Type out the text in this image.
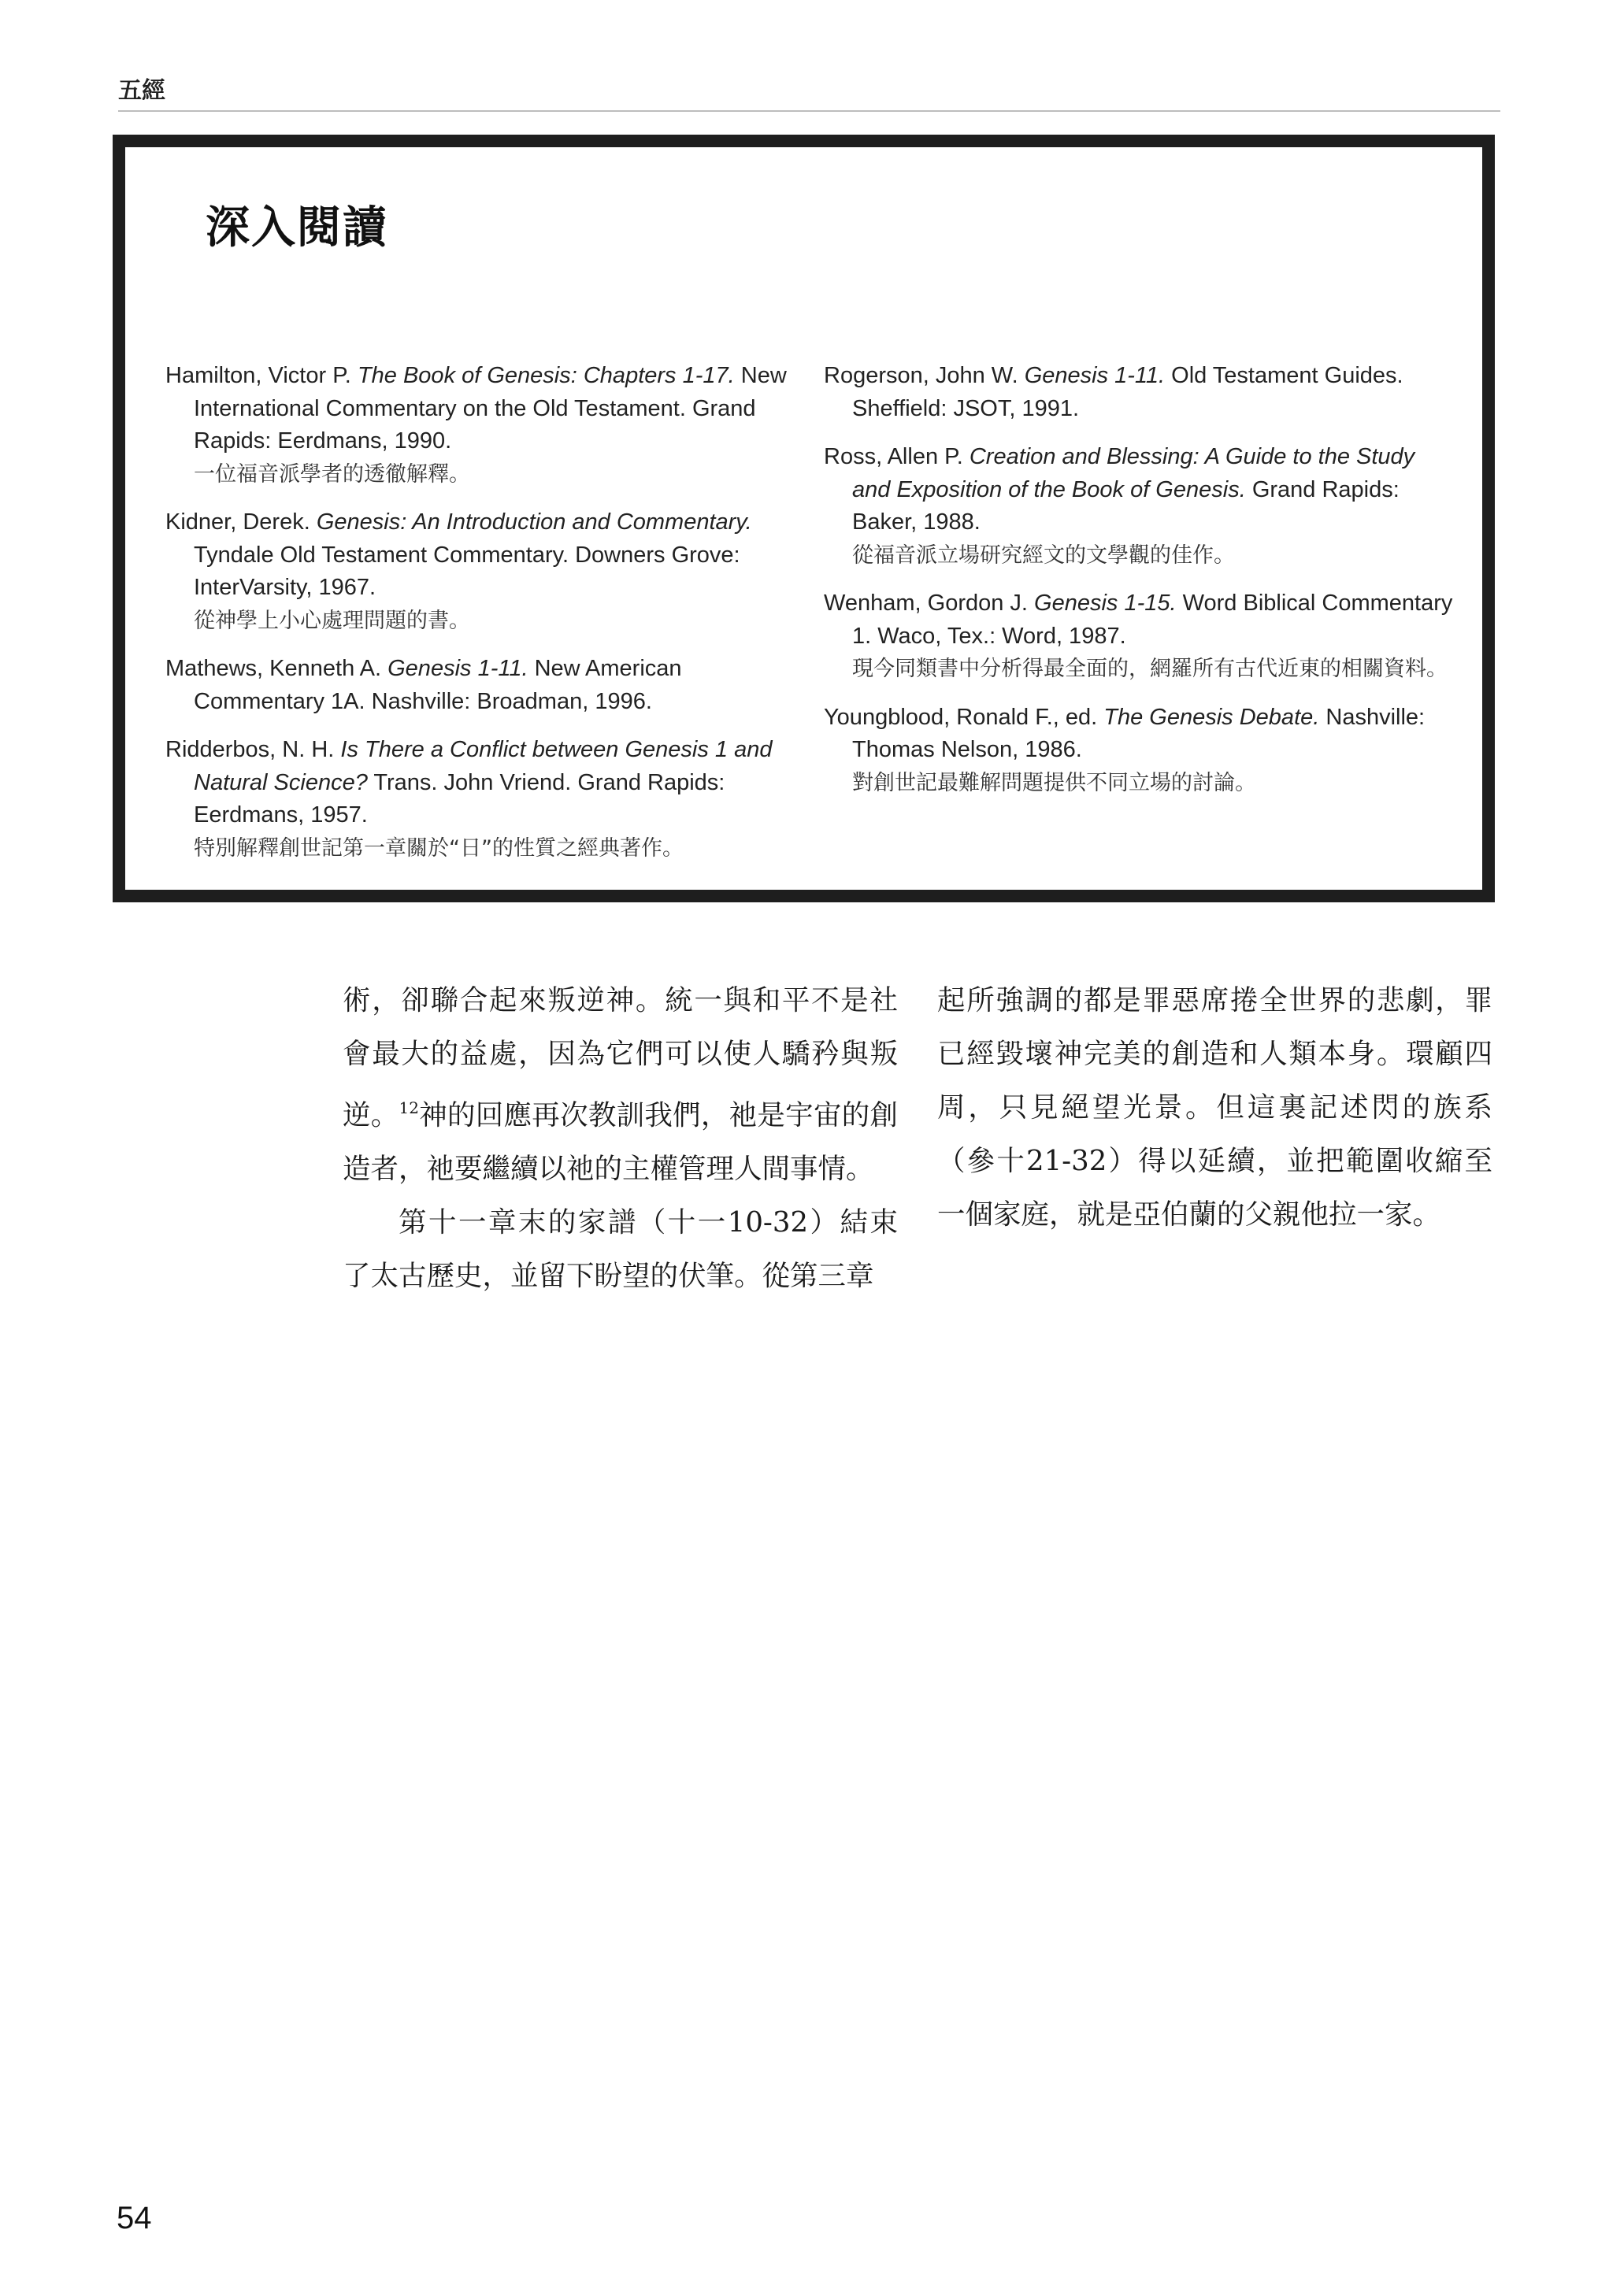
五經
深入閱讀
Hamilton, Victor P. The Book of Genesis: Chapters 1-17. New International Commentary on the Old Testament. Grand Rapids: Eerdmans, 1990.
一位福音派學者的透徹解釋。
Kidner, Derek. Genesis: An Introduction and Commentary. Tyndale Old Testament Commentary. Downers Grove: InterVarsity, 1967.
從神學上小心處理問題的書。
Mathews, Kenneth A. Genesis 1-11. New American Commentary 1A. Nashville: Broadman, 1996.
Ridderbos, N. H. Is There a Conflict between Genesis 1 and Natural Science? Trans. John Vriend. Grand Rapids: Eerdmans, 1957.
特別解釋創世記第一章關於“日”的性質之經典著作。
Rogerson, John W. Genesis 1-11. Old Testament Guides. Sheffield: JSOT, 1991.
Ross, Allen P. Creation and Blessing: A Guide to the Study and Exposition of the Book of Genesis. Grand Rapids: Baker, 1988.
從福音派立場研究經文的文學觀的佳作。
Wenham, Gordon J. Genesis 1-15. Word Biblical Commentary 1. Waco, Tex.: Word, 1987.
現今同類書中分析得最全面的，網羅所有古代近東的相關資料。
Youngblood, Ronald F., ed. The Genesis Debate. Nashville: Thomas Nelson, 1986.
對創世記最難解問題提供不同立場的討論。

術，卻聯合起來叛逆神。統一與和平不是社會最大的益處，因為它們可以使人驕矜與叛逆。$^{12}$神的回應再次教訓我們，祂是宇宙的創造者，祂要繼續以祂的主權管理人間事情。

第十一章末的家譜（十一10-32）結束了太古歷史，並留下盼望的伏筆。從第三章

起所強調的都是罪惡席捲全世界的悲劇，罪已經毀壞神完美的創造和人類本身。環顧四周，只見絕望光景。但這裏記述閃的族系（參十21-32）得以延續，並把範圍收縮至一個家庭，就是亞伯蘭的父親他拉一家。

54
